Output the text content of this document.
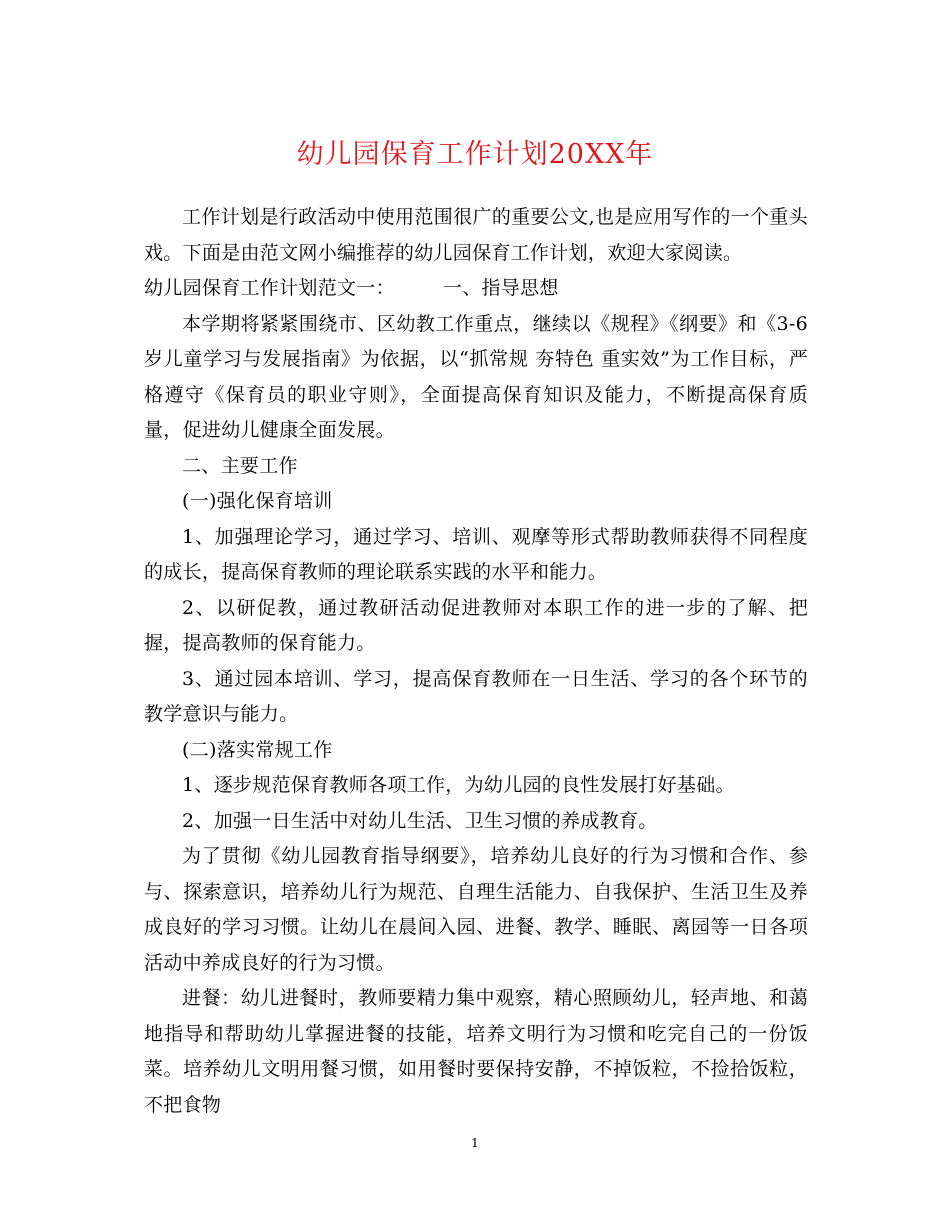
幼儿园保育工作计划20XX年

工作计划是行政活动中使用范围很广的重要公文,也是应用写作的一个重头戏。下面是由范文网小编推荐的幼儿园保育工作计划，欢迎大家阅读。

幼儿园保育工作计划范文一：	一、指导思想

本学期将紧紧围绕市、区幼教工作重点，继续以《规程》《纲要》和《3-6岁儿童学习与发展指南》为依据，以“抓常规 夯特色 重实效”为工作目标，严格遵守《保育员的职业守则》，全面提高保育知识及能力，不断提高保育质量，促进幼儿健康全面发展。

二、主要工作

(一)强化保育培训

1、加强理论学习，通过学习、培训、观摩等形式帮助教师获得不同程度的成长，提高保育教师的理论联系实践的水平和能力。

2、以研促教，通过教研活动促进教师对本职工作的进一步的了解、把握，提高教师的保育能力。

3、通过园本培训、学习，提高保育教师在一日生活、学习的各个环节的教学意识与能力。

(二)落实常规工作

1、逐步规范保育教师各项工作，为幼儿园的良性发展打好基础。

2、加强一日生活中对幼儿生活、卫生习惯的养成教育。

为了贯彻《幼儿园教育指导纲要》，培养幼儿良好的行为习惯和合作、参与、探索意识，培养幼儿行为规范、自理生活能力、自我保护、生活卫生及养成良好的学习习惯。让幼儿在晨间入园、进餐、教学、睡眠、离园等一日各项活动中养成良好的行为习惯。

进餐：幼儿进餐时，教师要精力集中观察，精心照顾幼儿，轻声地、和蔼地指导和帮助幼儿掌握进餐的技能，培养文明行为习惯和吃完自己的一份饭菜。培养幼儿文明用餐习惯，如用餐时要保持安静，不掉饭粒，不捡拾饭粒，不把食物

1
